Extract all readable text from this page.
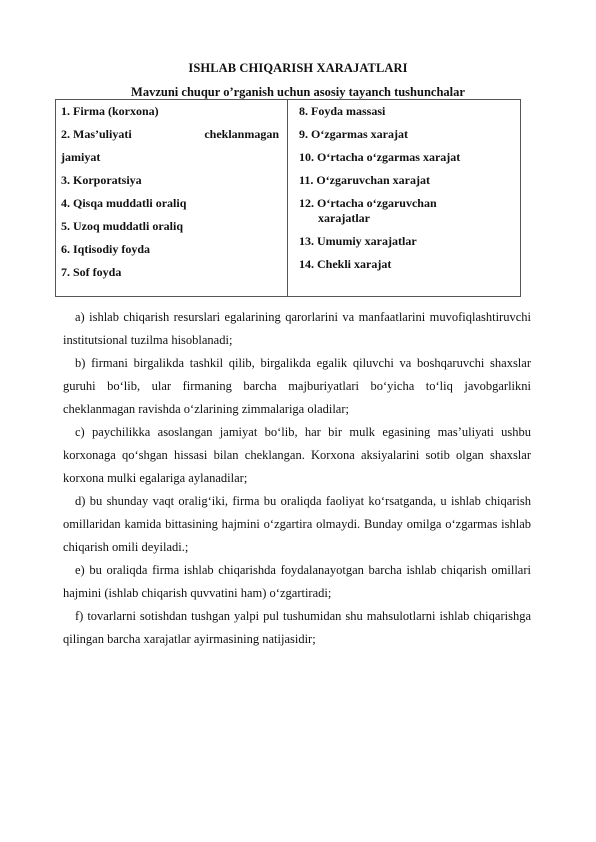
ISHLAB CHIQARISH XARAJATLARI
Mavzuni chuqur o’rganish uchun asosiy tayanch tushunchalar
1. Firma (korxona)
2. Mas’uliyati	cheklanmagan
jamiyat
3. Korporatsiya
4. Qisqa muddatli oraliq
5. Uzoq muddatli oraliq
6. Iqtisodiy foyda
7. Sof foyda
8. Foyda massasi
9. O‘zgarmas xarajat
10. O‘rtacha o‘zgarmas xarajat
11. O‘zgaruvchan xarajat
12. O‘rtacha o‘zgaruvchan
xarajatlar
13. Umumiy xarajatlar
14. Chekli xarajat

a) ishlab chiqarish resurslari egalarining qarorlarini va manfaatlarini muvofiqlashtiruvchi institutsional tuzilma hisoblanadi;

b) firmani birgalikda tashkil qilib, birgalikda egalik qiluvchi va boshqaruvchi shaxslar guruhi bo‘lib, ular firmaning barcha majburiyatlari bo‘yicha to‘liq javobgarlikni cheklanmagan ravishda o‘zlarining zimmalariga oladilar;

c) paychilikka asoslangan jamiyat bo‘lib, har bir mulk egasining mas’uliyati ushbu korxonaga qo‘shgan hissasi bilan cheklangan. Korxona aksiyalarini sotib olgan shaxslar korxona mulki egalariga aylanadilar;

d) bu shunday vaqt oralig‘iki, firma bu oraliqda faoliyat ko‘rsatganda, u ishlab chiqarish omillaridan kamida bittasining hajmini o‘zgartira olmaydi. Bunday omilga o‘zgarmas ishlab chiqarish omili deyiladi.;

e) bu oraliqda firma ishlab chiqarishda foydalanayotgan barcha ishlab chiqarish omillari hajmini (ishlab chiqarish quvvatini ham) o‘zgartiradi;

f) tovarlarni sotishdan tushgan yalpi pul tushumidan shu mahsulotlarni ishlab chiqarishga qilingan barcha xarajatlar ayirmasining natijasidir;
